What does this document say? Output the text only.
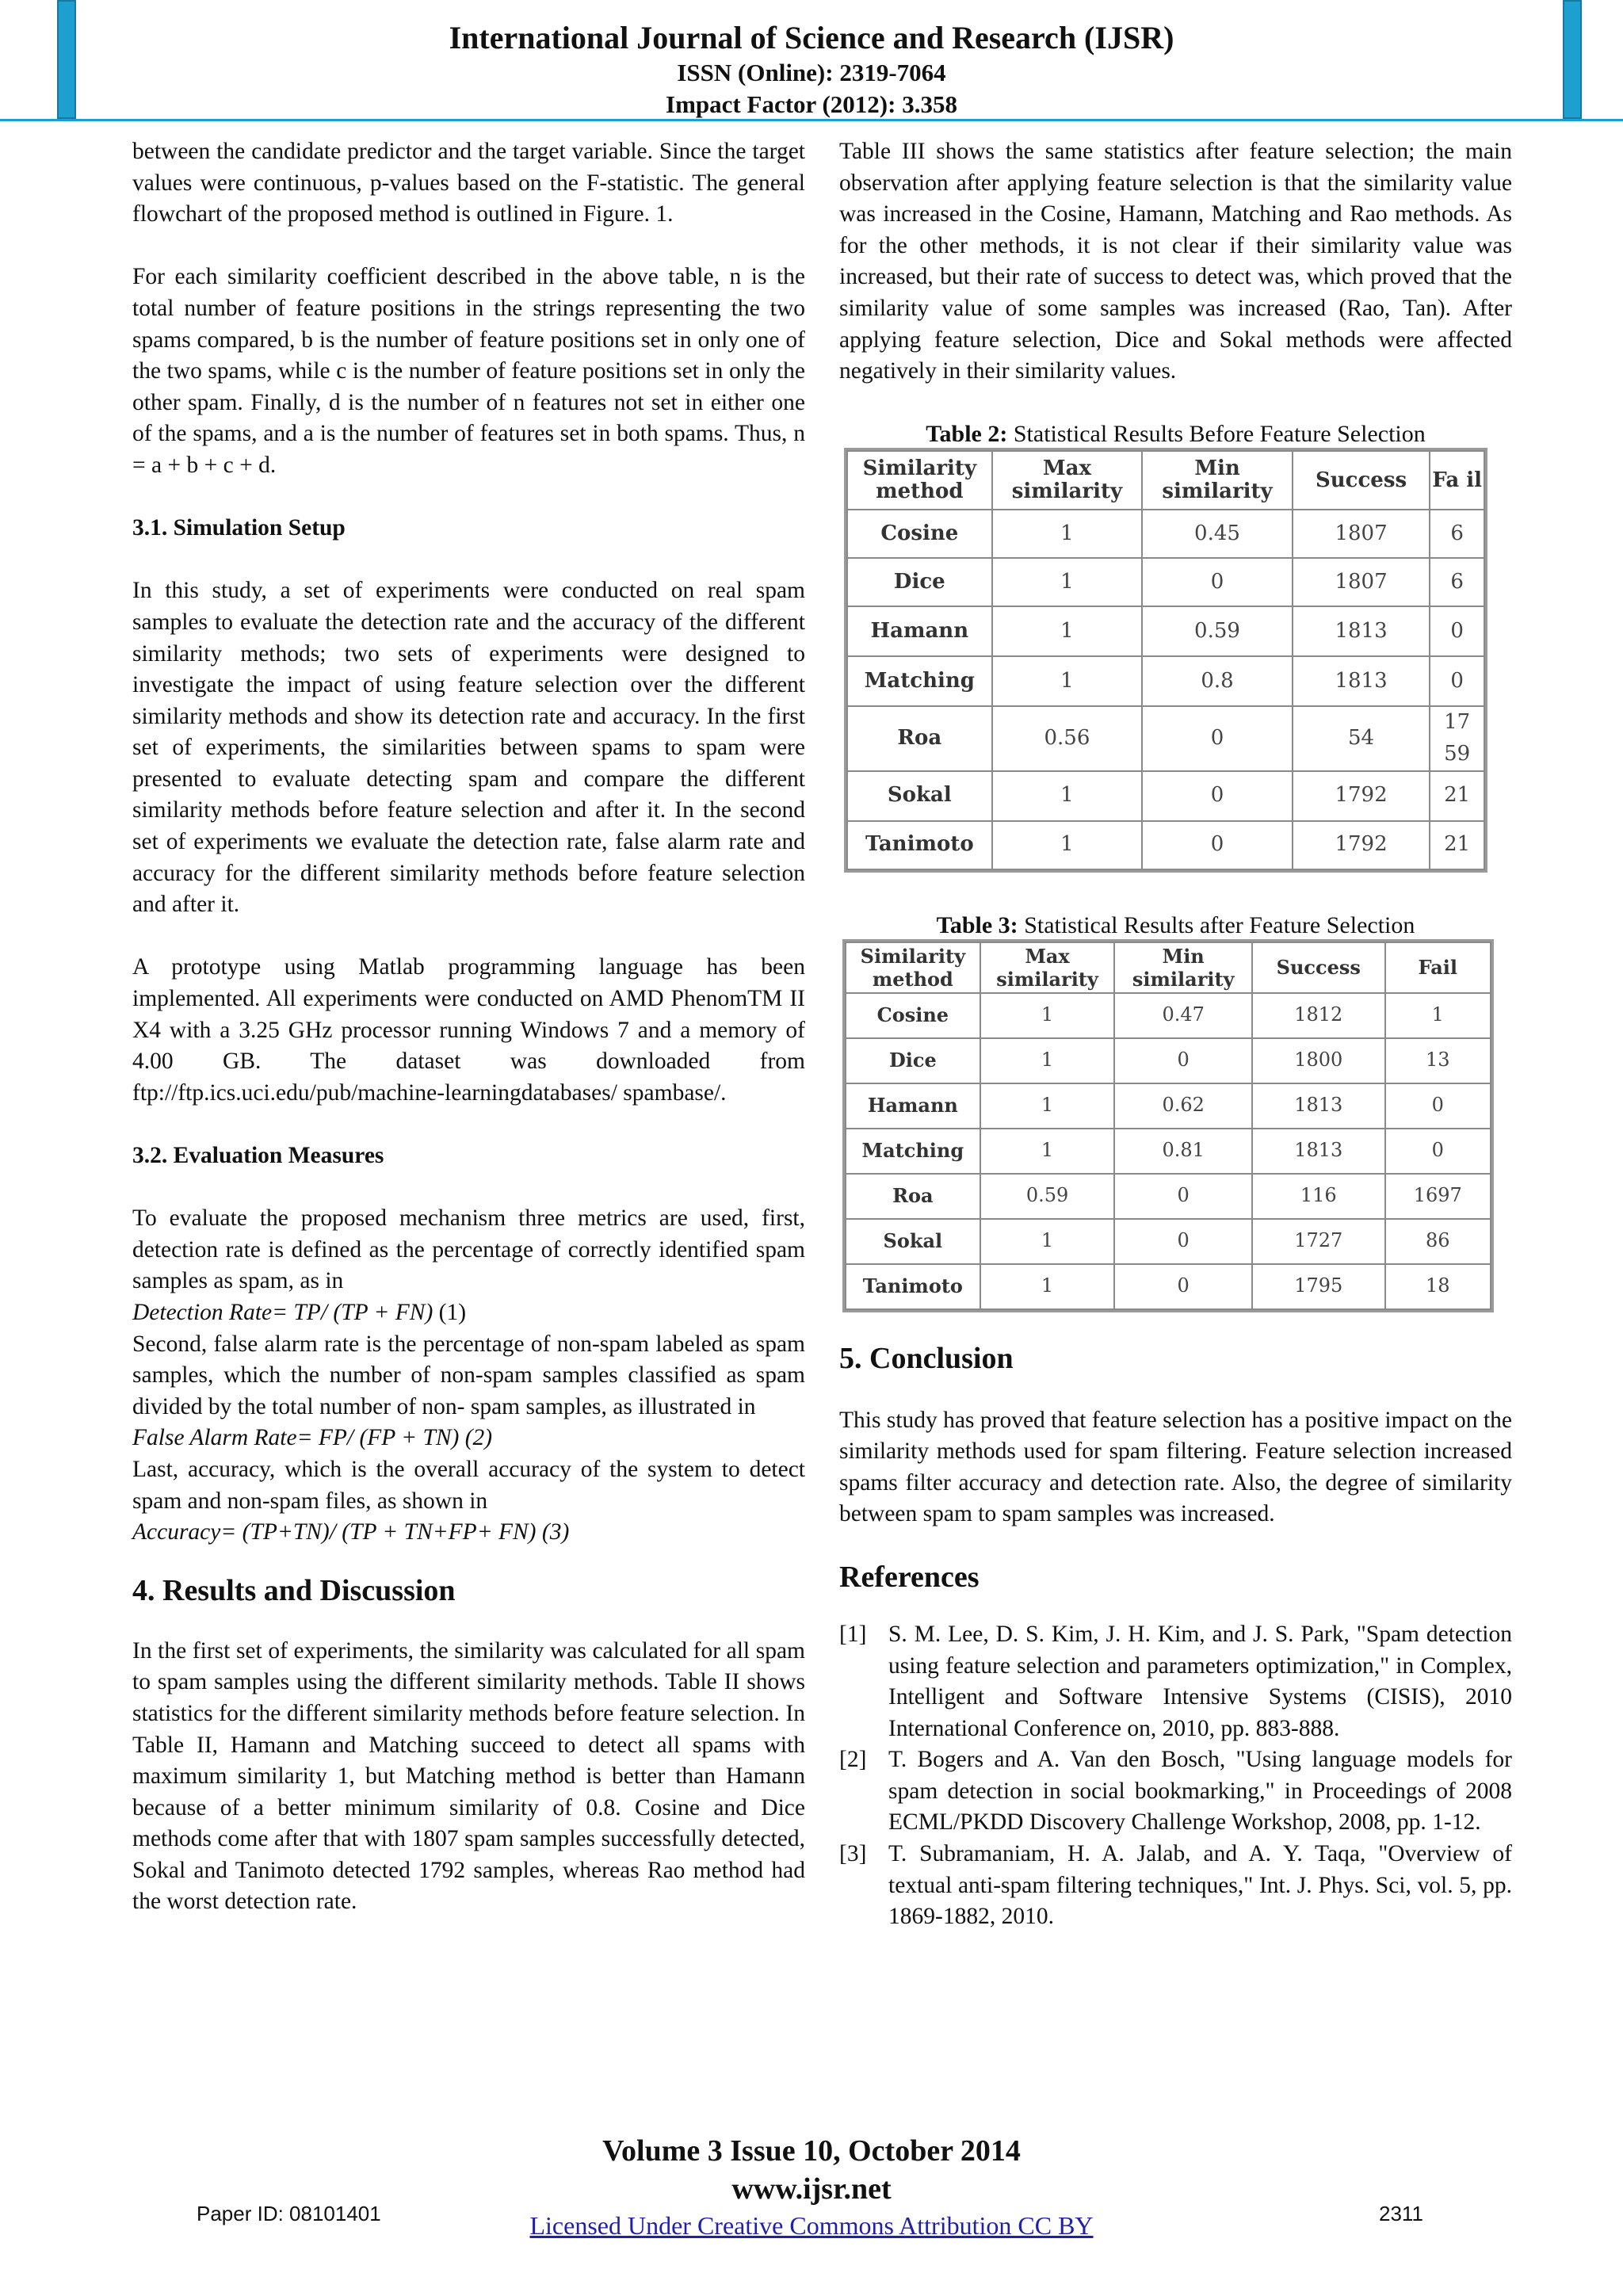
International Journal of Science and Research (IJSR)
ISSN (Online): 2319-7064
Impact Factor (2012): 3.358

between the candidate predictor and the target variable. Since the target values were continuous, p-values based on the F-statistic. The general flowchart of the proposed method is outlined in Figure. 1.

For each similarity coefficient described in the above table, n is the total number of feature positions in the strings representing the two spams compared, b is the number of feature positions set in only one of the two spams, while c is the number of feature positions set in only the other spam. Finally, d is the number of n features not set in either one of the spams, and a is the number of features set in both spams. Thus, n = a + b + c + d.

3.1. Simulation Setup

In this study, a set of experiments were conducted on real spam samples to evaluate the detection rate and the accuracy of the different similarity methods; two sets of experiments were designed to investigate the impact of using feature selection over the different similarity methods and show its detection rate and accuracy. In the first set of experiments, the similarities between spams to spam were presented to evaluate detecting spam and compare the different similarity methods before feature selection and after it. In the second set of experiments we evaluate the detection rate, false alarm rate and accuracy for the different similarity methods before feature selection and after it.

A prototype using Matlab programming language has been implemented. All experiments were conducted on AMD PhenomTM II X4 with a 3.25 GHz processor running Windows 7 and a memory of 4.00 GB. The dataset was downloaded from ftp://ftp.ics.uci.edu/pub/machine-learningdatabases/ spambase/.

3.2. Evaluation Measures

To evaluate the proposed mechanism three metrics are used, first, detection rate is defined as the percentage of correctly identified spam samples as spam, as in

Detection Rate= TP/ (TP + FN) (1)

Second, false alarm rate is the percentage of non-spam labeled as spam samples, which the number of non-spam samples classified as spam divided by the total number of non- spam samples, as illustrated in

False Alarm Rate= FP/ (FP + TN) (2)

Last, accuracy, which is the overall accuracy of the system to detect spam and non-spam files, as shown in

Accuracy= (TP+TN)/ (TP + TN+FP+ FN) (3)

4. Results and Discussion

In the first set of experiments, the similarity was calculated for all spam to spam samples using the different similarity methods. Table II shows statistics for the different similarity methods before feature selection. In Table II, Hamann and Matching succeed to detect all spams with maximum similarity 1, but Matching method is better than Hamann because of a better minimum similarity of 0.8. Cosine and Dice methods come after that with 1807 spam samples successfully detected, Sokal and Tanimoto detected 1792 samples, whereas Rao method had the worst detection rate.

Table III shows the same statistics after feature selection; the main observation after applying feature selection is that the similarity value was increased in the Cosine, Hamann, Matching and Rao methods. As for the other methods, it is not clear if their similarity value was increased, but their rate of success to detect was, which proved that the similarity value of some samples was increased (Rao, Tan). After applying feature selection, Dice and Sokal methods were affected negatively in their similarity values.

Table 2: Statistical Results Before Feature Selection
Similarity method	Max similarity	Min similarity	Success	Fa il
Cosine	1	0.45	1807	6
Dice	1	0	1807	6
Hamann	1	0.59	1813	0
Matching	1	0.8	1813	0
Roa	0.56	0	54	17 59
Sokal	1	0	1792	21
Tanimoto	1	0	1792	21
Table 3: Statistical Results after Feature Selection
Similarity method	Max similarity	Min similarity	Success	Fail
Cosine	1	0.47	1812	1
Dice	1	0	1800	13
Hamann	1	0.62	1813	0
Matching	1	0.81	1813	0
Roa	0.59	0	116	1697
Sokal	1	0	1727	86
Tanimoto	1	0	1795	18

5. Conclusion

This study has proved that feature selection has a positive impact on the similarity methods used for spam filtering. Feature selection increased spams filter accuracy and detection rate. Also, the degree of similarity between spam to spam samples was increased.

References

[1] S. M. Lee, D. S. Kim, J. H. Kim, and J. S. Park, "Spam detection using feature selection and parameters optimization," in Complex, Intelligent and Software Intensive Systems (CISIS), 2010 International Conference on, 2010, pp. 883-888.
[2] T. Bogers and A. Van den Bosch, "Using language models for spam detection in social bookmarking," in Proceedings of 2008 ECML/PKDD Discovery Challenge Workshop, 2008, pp. 1-12.
[3] T. Subramaniam, H. A. Jalab, and A. Y. Taqa, "Overview of textual anti-spam filtering techniques," Int. J. Phys. Sci, vol. 5, pp. 1869-1882, 2010.
Volume 3 Issue 10, October 2014
www.ijsr.net
Licensed Under Creative Commons Attribution CC BY
Paper ID: 08101401	2311
